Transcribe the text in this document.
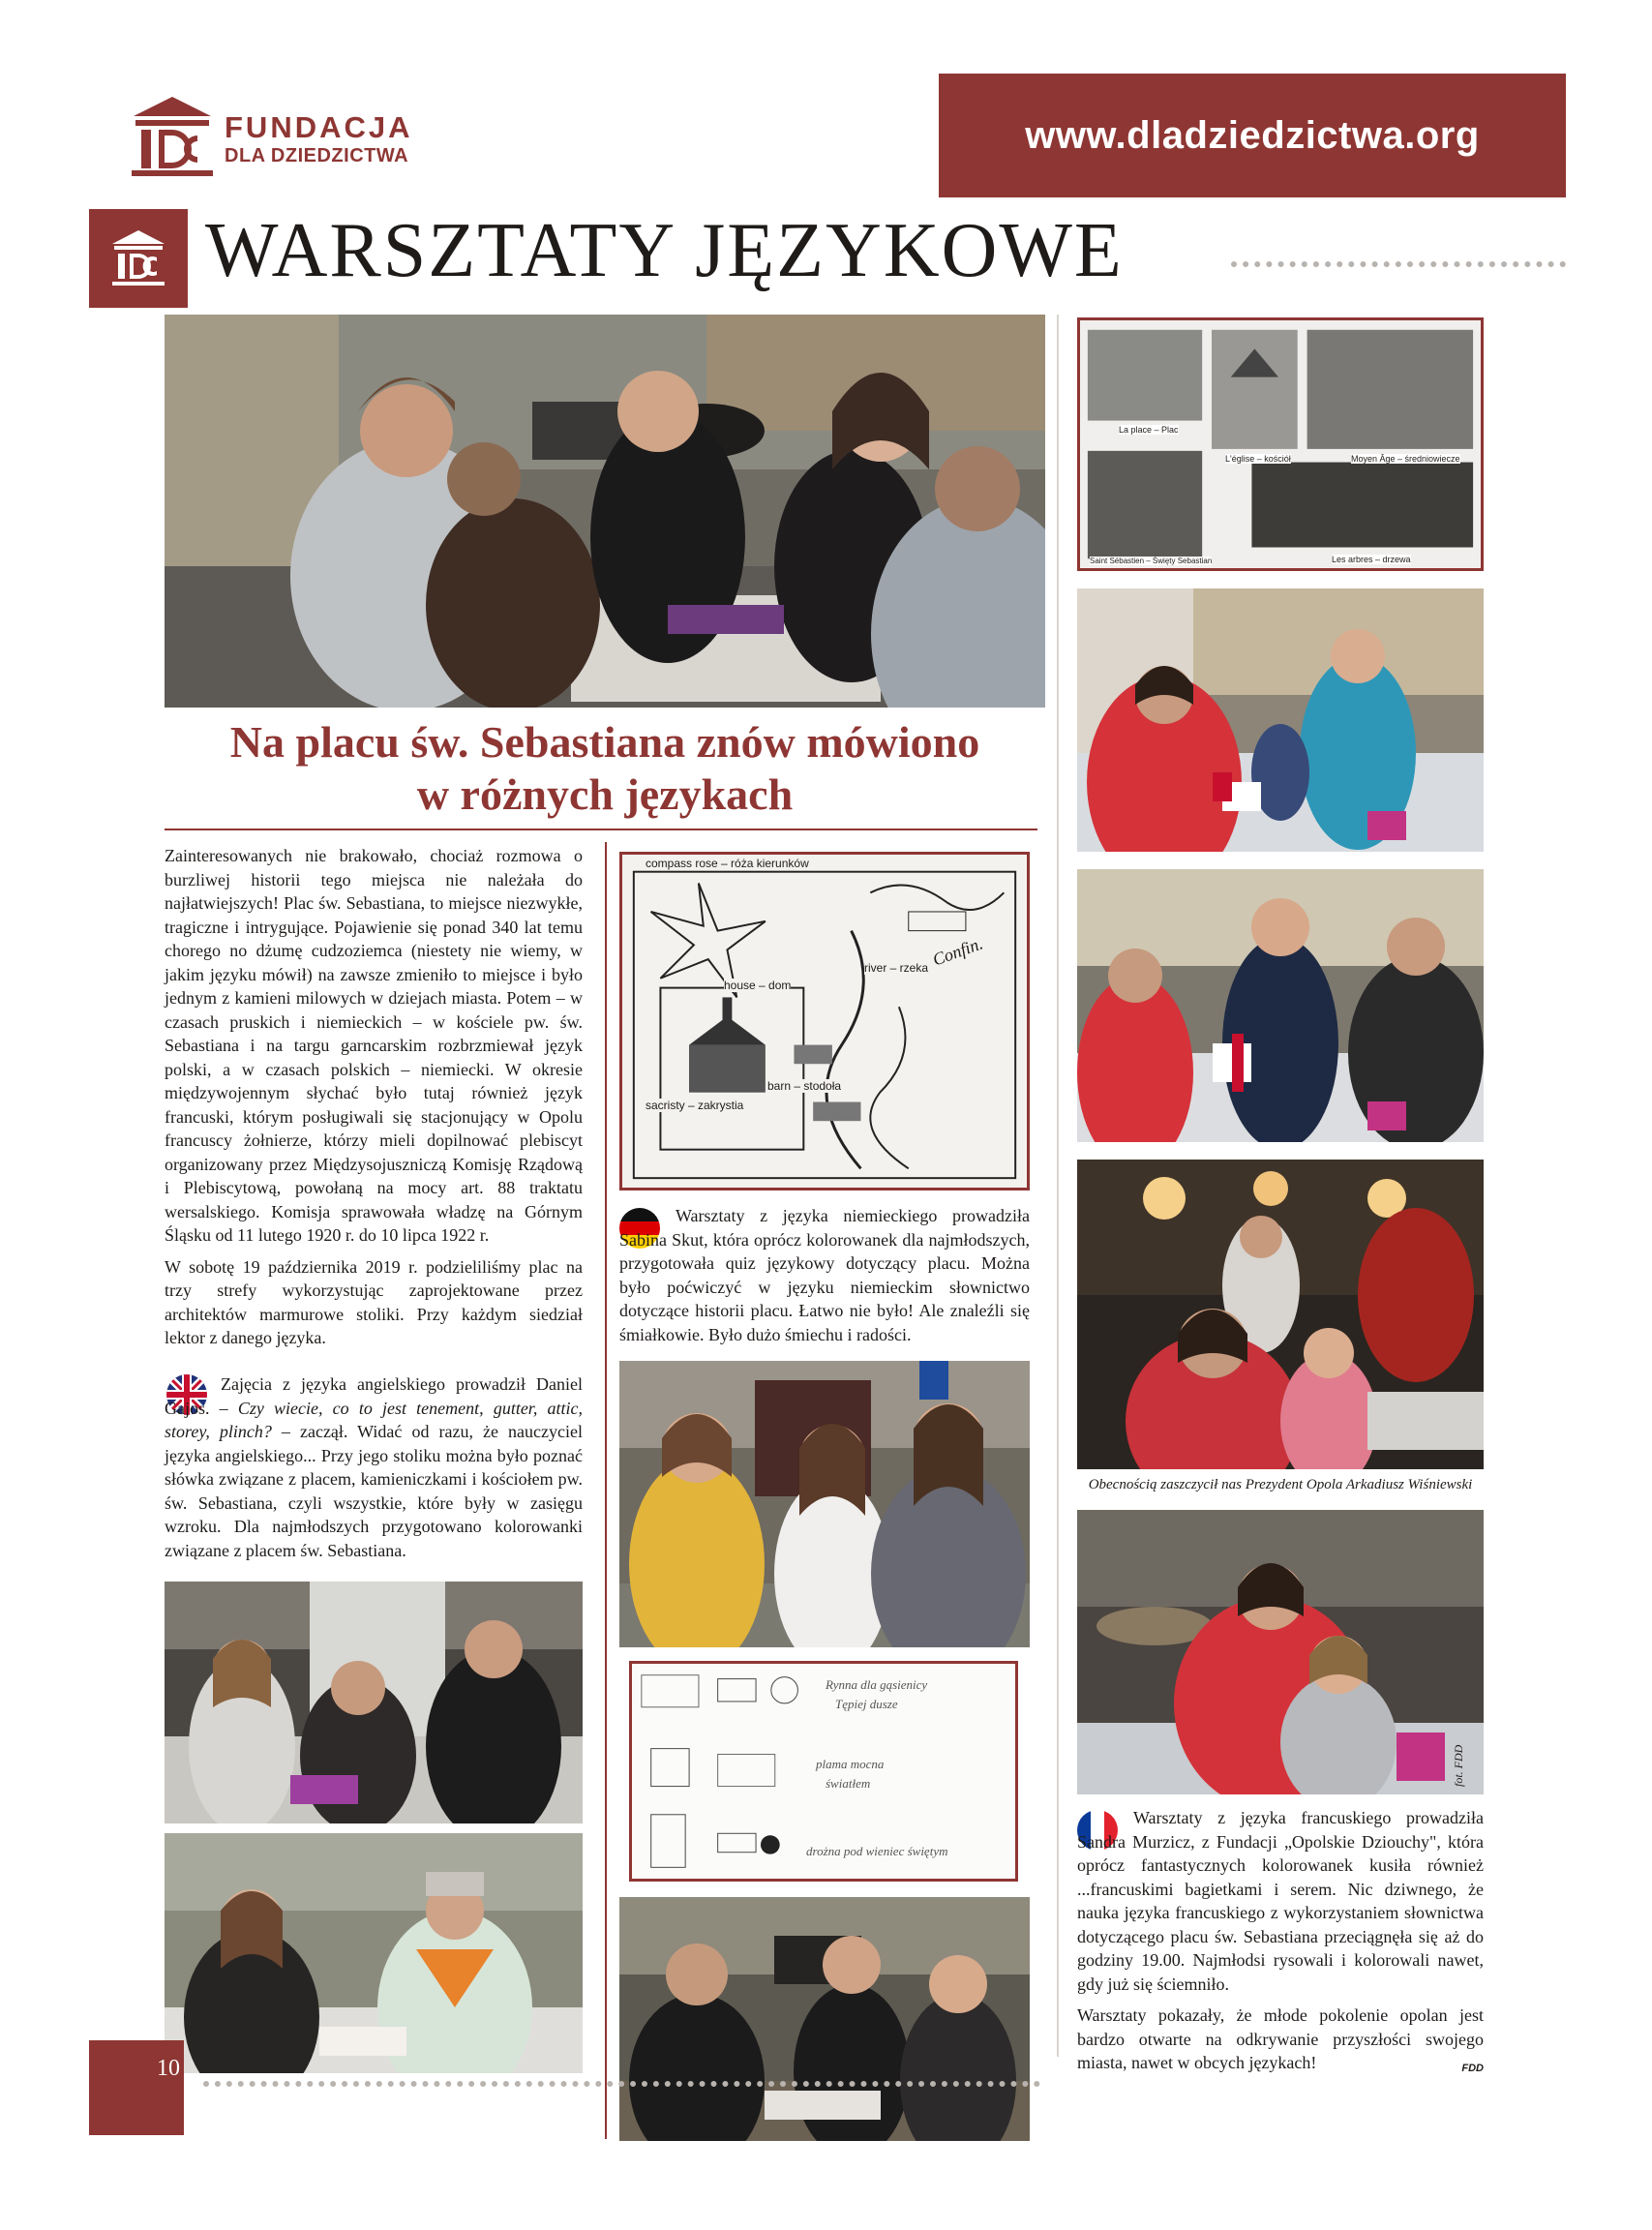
FUNDACJA
DLA DZIEDZICTWA	www.dladziedzictwa.org
WARSZTATY JĘZYKOWE
Na placu św. Sebastiana znów mówiono
w różnych językach

Zainteresowanych nie brakowało, chociaż rozmowa o burzliwej historii tego miejsca nie należała do najłatwiejszych! Plac św. Sebastiana, to miejsce niezwykłe, tragiczne i intrygujące. Pojawienie się ponad 340 lat temu chorego no dżumę cudzoziemca (niestety nie wiemy, w jakim języku mówił) na zawsze zmieniło to miejsce i było jednym z kamieni milowych w dziejach miasta. Potem – w czasach pruskich i niemieckich – w kościele pw. św. Sebastiana i na targu garncarskim rozbrzmiewał język polski, a w czasach polskich – niemiecki. W okresie międzywojennym słychać było tutaj również język francuski, którym posługiwali się stacjonujący w Opolu francuscy żołnierze, którzy mieli dopilnować plebiscyt organizowany przez Międzysojuszniczą Komisję Rządową i Plebiscytową, powołaną na mocy art. 88 traktatu wersalskiego. Komisja sprawowała władzę na Górnym Śląsku od 11 lutego 1920 r. do 10 lipca 1922 r.

W sobotę 19 października 2019 r. podzieliliśmy plac na trzy strefy wykorzystując zaprojektowane przez architektów marmurowe stoliki. Przy każdym siedział lektor z danego języka.

Zajęcia z języka angielskiego prowadził Daniel Gajos. – Czy wiecie, co to jest tenement, gutter, attic, storey, plinch? – zaczął. Widać od razu, że nauczyciel języka angielskiego... Przy jego stoliku można było poznać słówka związane z placem, kamieniczkami i kościołem pw. św. Sebastiana, czyli wszystkie, które były w zasięgu wzroku. Dla najmłodszych przygotowano kolorowanki związane z placem św. Sebastiana.
compass rose – róża kierunków
Confin.
river – rzeka
house – dom
barn – stodoła
sacristy – zakrystia
Warsztaty z języka niemieckiego prowadziła Sabina Skut, która oprócz kolorowanek dla najmłodszych, przygotowała quiz językowy dotyczący placu. Można było poćwiczyć w języku niemieckim słownictwo dotyczące historii placu. Łatwo nie było! Ale znaleźli się śmiałkowie. Było dużo śmiechu i radości.
Rynna dla gąsienicy
Tępiej dusze
plama mocna
światłem
drożna pod wieniec świętym
La place – Plac
L'église – kościół	Moyen Âge – średniowiecze
Saint Sébastien – Święty Sebastian	Les arbres – drzewa
Obecnością zaszczycił nas Prezydent Opola Arkadiusz Wiśniewski
fot. FDD

Warsztaty z języka francuskiego prowadziła Sandra Murzicz, z Fundacji „Opolskie Dziouchy", która oprócz fantastycznych kolorowanek kusiła również ...francuskimi bagietkami i serem. Nic dziwnego, że nauka języka francuskiego z wykorzystaniem słownictwa dotyczącego placu św. Sebastiana przeciągnęła się aż do godziny 19.00. Najmłodsi rysowali i kolorowali nawet, gdy już się ściemniło.

Warsztaty pokazały, że młode pokolenie opolan jest bardzo otwarte na odkrywanie przyszłości swojego miasta, nawet w obcych językach!	FDD

10
